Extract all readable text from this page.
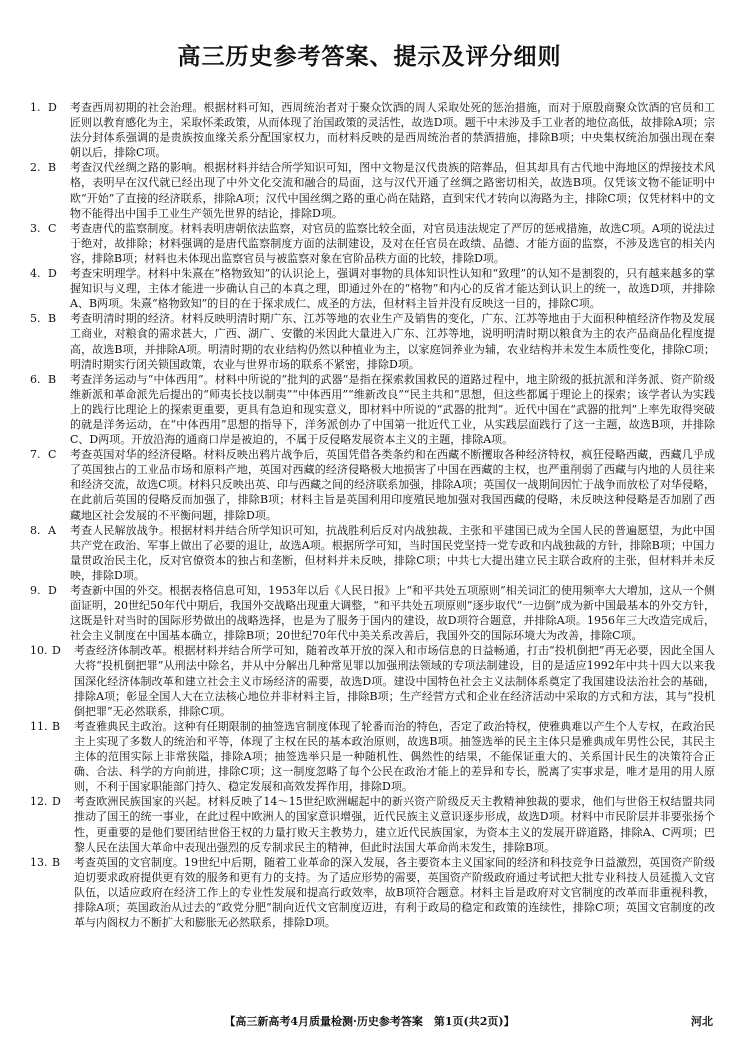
高三历史参考答案、提示及评分细则
1. D	考查西周初期的社会治理。根据材料可知，西周统治者对于聚众饮酒的周人采取处死的惩治措施，而对于原殷商聚众饮酒的官员和工匠则以教育感化为主，采取怀柔政策，从而体现了治国政策的灵活性，故选D项。题干中未涉及手工业者的地位高低，故排除A项；宗法分封体系强调的是贵族按血缘关系分配国家权力，而材料反映的是西周统治者的禁酒措施，排除B项；中央集权统治加强出现在秦朝以后，排除C项。
2. B	考查汉代丝绸之路的影响。根据材料并结合所学知识可知，图中文物是汉代贵族的陪葬品，但其却具有古代地中海地区的焊接技术风格，表明早在汉代就已经出现了中外文化交流和融合的局面，这与汉代开通了丝绸之路密切相关，故选B项。仅凭该文物不能证明中欧“开始”了直接的经济联系，排除A项；汉代中国丝绸之路的重心尚在陆路，直到宋代才转向以海路为主，排除C项；仅凭材料中的文物不能得出中国手工业生产领先世界的结论，排除D项。
3. C	考查唐代的监察制度。材料表明唐朝依法监察，对官员的监察比较全面，对官员违法规定了严厉的惩戒措施，故选C项。A项的说法过于绝对，故排除；材料强调的是唐代监察制度方面的法制建设，及对在任官员在政绩、品德、才能方面的监察，不涉及选官的相关内容，排除B项；材料也未体现出监察官员与被监察对象在官阶品秩方面的比较，排除D项。
4. D	考查宋明理学。材料中朱熹在“格物致知”的认识论上，强调对事物的具体知识性认知和“致理”的认知不是割裂的，只有越来越多的掌握知识与义理，主体才能进一步确认自己的本真之理，即通过外在的“格物”和内心的反省才能达到认识上的统一，故选D项，并排除A、B两项。朱熹“格物致知”的目的在于探求成仁、成圣的方法，但材料主旨并没有反映这一目的，排除C项。
5. B	考查明清时期的经济。材料反映明清时期广东、江苏等地的农业生产及销售的变化，广东、江苏等地由于大面积种植经济作物及发展工商业，对粮食的需求甚大，广西、湖广、安徽的米因此大量进入广东、江苏等地，说明明清时期以粮食为主的农产品商品化程度提高，故选B项，并排除A项。明清时期的农业结构仍然以种植业为主，以家庭饲养业为辅，农业结构并未发生本质性变化，排除C项；明清时期实行闭关锁国政策，农业与世界市场的联系不紧密，排除D项。
6. B	考查洋务运动与“中体西用”。材料中所说的“批判的武器”是指在探索救国救民的道路过程中，地主阶级的抵抗派和洋务派、资产阶级维新派和革命派先后提出的“师夷长技以制夷”“中体西用”“维新改良”“民主共和”思想，但这些都属于理论上的探索；该学者认为实践上的践行比理论上的探索更重要，更具有急迫和现实意义，即材料中所说的“武器的批判”。近代中国在“武器的批判”上率先取得突破的就是洋务运动，在“中体西用”思想的指导下，洋务派创办了中国第一批近代工业，从实践层面践行了这一主题，故选B项，并排除C、D两项。开放沿海的通商口岸是被迫的，不属于反侵略发展资本主义的主题，排除A项。
7. C	考查英国对华的经济侵略。材料反映出鸦片战争后，英国凭借各类条约和在西藏不断攫取各种经济特权，疯狂侵略西藏，西藏几乎成了英国独占的工业品市场和原料产地，英国对西藏的经济侵略极大地损害了中国在西藏的主权，也严重削弱了西藏与内地的人员往来和经济交流，故选C项。材料只反映出英、印与西藏之间的经济联系加强，排除A项；英国仅一战期间因忙于战争而放松了对华侵略，在此前后英国的侵略反而加强了，排除B项；材料主旨是英国利用印度殖民地加强对我国西藏的侵略，未反映这种侵略是否加剧了西藏地区社会发展的不平衡问题，排除D项。
8. A	考查人民解放战争。根据材料并结合所学知识可知，抗战胜利后反对内战独裁、主张和平建国已成为全国人民的普遍愿望，为此中国共产党在政治、军事上做出了必要的退让，故选A项。根据所学可知，当时国民党坚持一党专政和内战独裁的方针，排除B项；中国力量贯政治民主化，反对官僚资本的独占和垄断，但材料并未反映，排除C项；中共七大提出建立民主联合政府的主张，但材料并未反映，排除D项。
9. D	考查新中国的外交。根据表格信息可知，1953年以后《人民日报》上“和平共处五项原则”相关词汇的使用频率大大增加，这从一个侧面证明，20世纪50年代中期后，我国外交战略出现重大调整，“和平共处五项原则”逐步取代“一边倒”成为新中国最基本的外交方针，这既是针对当时的国际形势做出的战略选择，也是为了服务于国内的建设，故D项符合题意，并排除A项。1956年三大改造完成后，社会主义制度在中国基本确立，排除B项；20世纪70年代中美关系改善后，我国外交的国际环境大为改善，排除C项。
10. D	考查经济体制改革。根据材料并结合所学可知，随着改革开放的深入和市场信息的日益畅通，打击“投机倒把”再无必要，因此全国人大将“投机倒把罪”从刑法中除名，并从中分解出几种常见罪以加强刑法领域的专项法制建设，目的是适应1992年中共十四大以来我国深化经济体制改革和建立社会主义市场经济的需要，故选D项。建设中国特色社会主义法制体系奠定了我国建设法治社会的基础，排除A项；彰显全国人大在立法核心地位并非材料主旨，排除B项；生产经营方式和企业在经济活动中采取的方式和方法，其与“投机倒把罪”无必然联系，排除C项。
11. B	考查雅典民主政治。这种有任期限制的抽签选官制度体现了轮番而治的特色，否定了政治特权，使雅典难以产生个人专权，在政治民主上实现了多数人的统治和平等，体现了主权在民的基本政治原则，故选B项。抽签选举的民主主体只是雅典成年男性公民，其民主主体的范围实际上非常狭隘，排除A项；抽签选举只是一种随机性、偶然性的结果，不能保证重大的、关系国计民生的决策符合正确、合法、科学的方向前进，排除C项；这一制度忽略了每个公民在政治才能上的差异和专长，脱离了实事求是，唯才是用的用人原则，不利于国家职能部门持久、稳定发展和高效发挥作用，排除D项。
12. D	考查欧洲民族国家的兴起。材料反映了14～15世纪欧洲崛起中的新兴资产阶级反天主教精神独裁的要求，他们与世俗王权结盟共同推动了国王的统一事业，在此过程中欧洲人的国家意识增强，近代民族主义意识逐步形成，故选D项。材料中市民阶层并非要张扬个性，更重要的是他们要团结世俗王权的力量打败天主教势力，建立近代民族国家，为资本主义的发展开辟道路，排除A、C两项；巴黎人民在法国大革命中表现出强烈的反专制求民主的精神，但此时法国大革命尚未发生，排除B项。
13. B	考查英国的文官制度。19世纪中后期，随着工业革命的深入发展，各主要资本主义国家间的经济和科技竞争日益激烈，英国资产阶级迫切要求政府提供更有效的服务和更有力的支持。为了适应形势的需要，英国资产阶级政府通过考试把大批专业科技人员延揽入文官队伍，以适应政府在经济工作上的专业性发展和提高行政效率，故B项符合题意。材料主旨是政府对文官制度的改革而非重视科教，排除A项；英国政治从过去的“政党分肥”制向近代文官制度迈进，有利于政局的稳定和政策的连续性，排除C项；英国文官制度的改革与内阁权力不断扩大和膨胀无必然联系，排除D项。
【高三新高考4月质量检测·历史参考答案　第1页(共2页)】	河北
